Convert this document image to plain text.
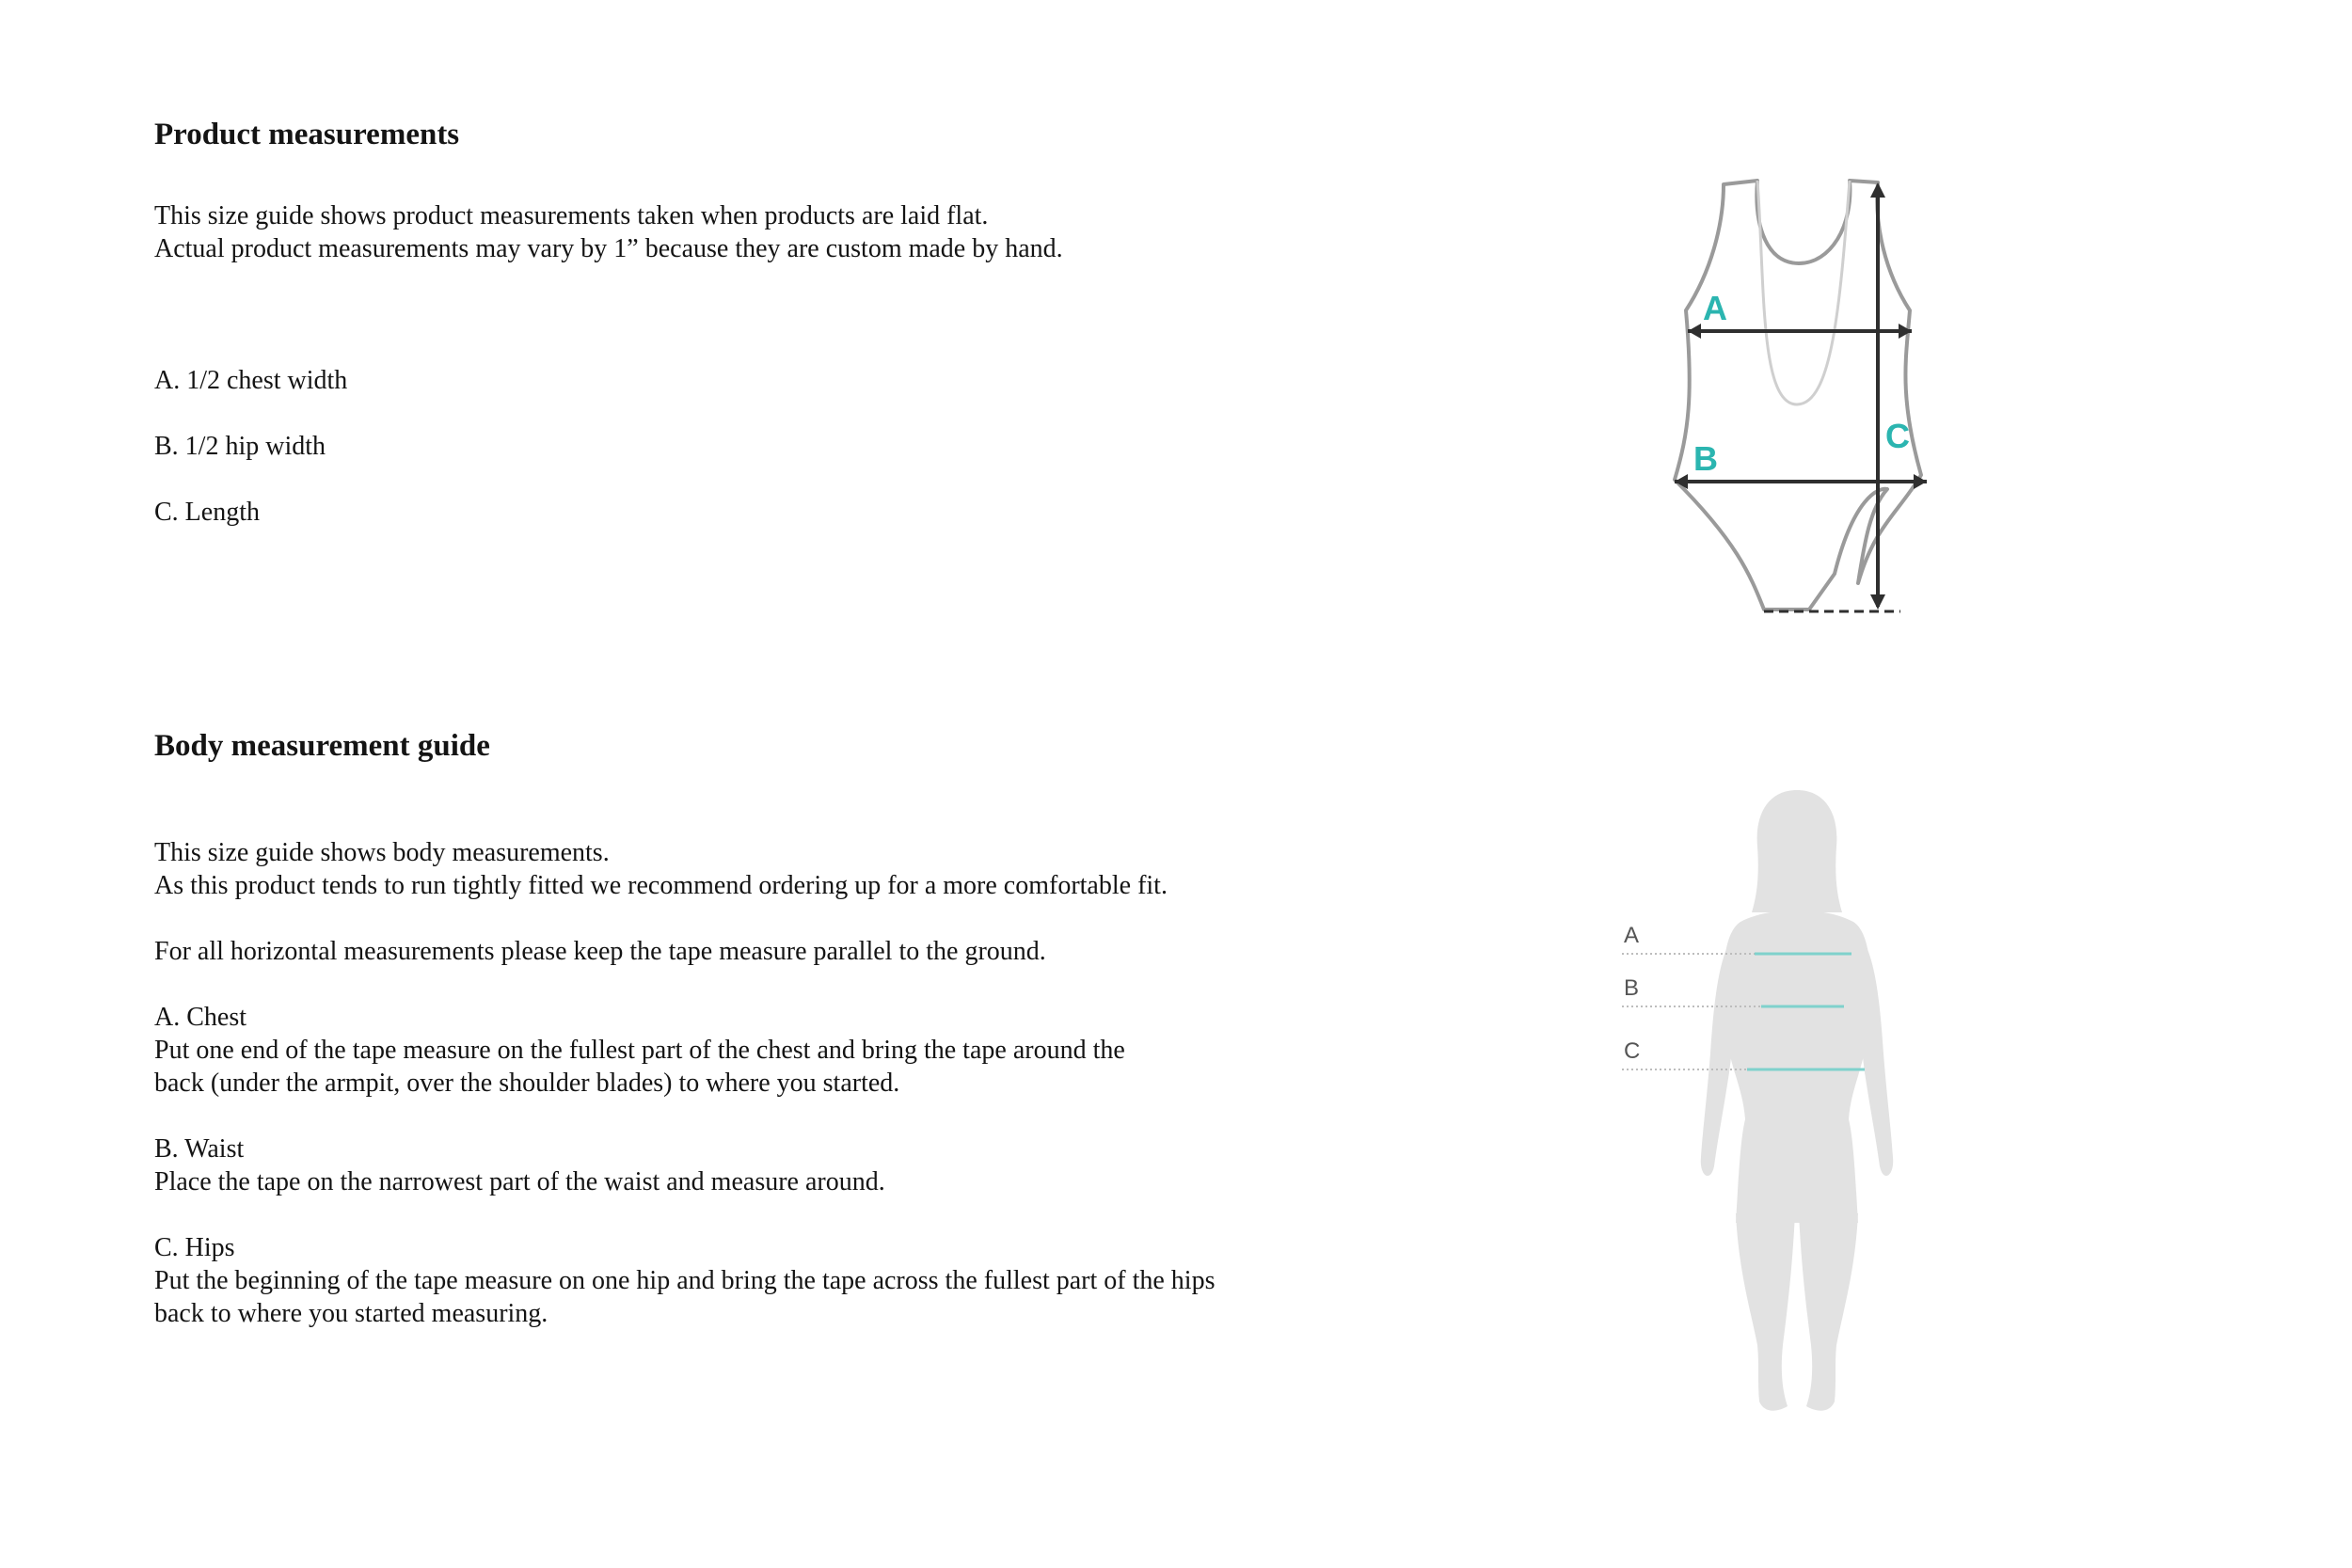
Product measurements

This size guide shows product measurements taken when products are laid flat.
Actual product measurements may vary by 1” because they are custom made by hand.

A. 1/2 chest width

B. 1/2 hip width

C. Length

A
B
C
Body measurement guide

This size guide shows body measurements.
As this product tends to run tightly fitted we recommend ordering up for a more comfortable fit.

For all horizontal measurements please keep the tape measure parallel to the ground.

A. Chest
Put one end of the tape measure on the fullest part of the chest and bring the tape around the
back (under the armpit, over the shoulder blades) to where you started.
B. Waist
Place the tape on the narrowest part of the waist and measure around.
C. Hips
Put the beginning of the tape measure on one hip and bring the tape across the fullest part of the hips
back to where you started measuring.
A
B
C
